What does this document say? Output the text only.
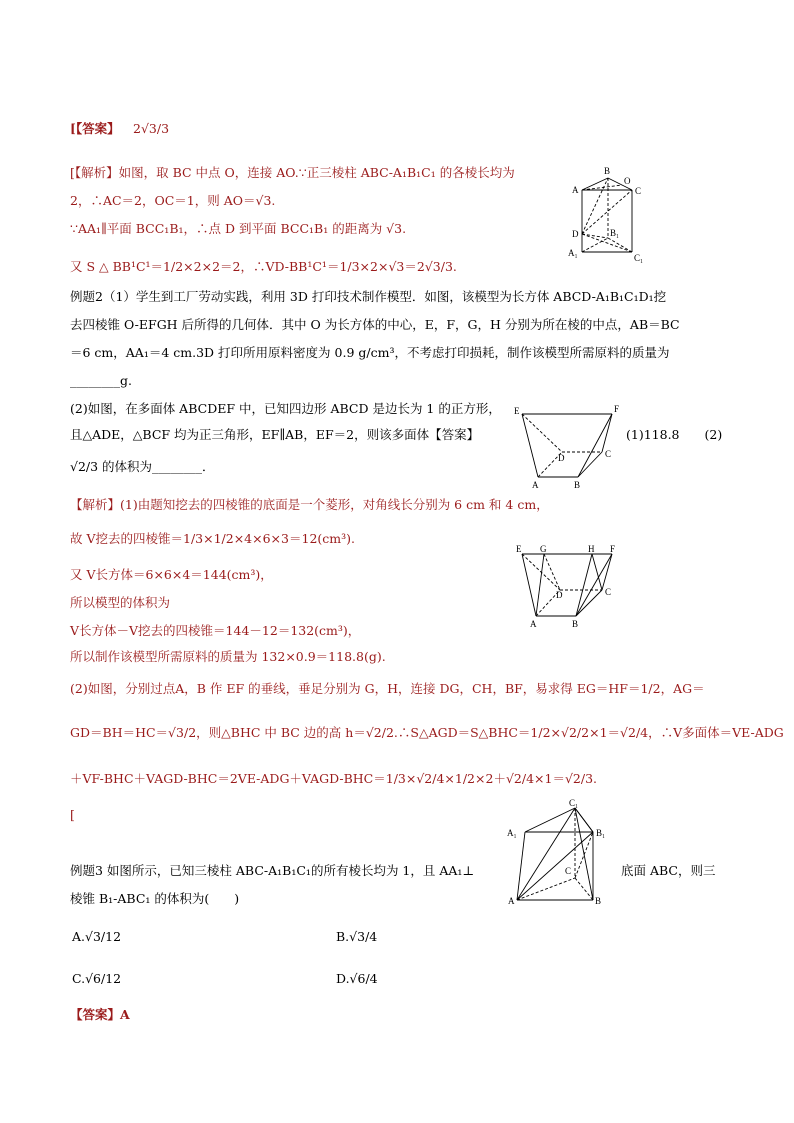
[【答案】 2√3/3
[【解析】如图，取 BC 中点 O，连接 AO.∵正三棱柱 ABC-A₁B₁C₁ 的各棱长均为
2，∴AC＝2，OC＝1，则 AO＝√3.
∵AA₁∥平面 BCC₁B₁，∴点 D 到平面 BCC₁B₁ 的距离为 √3.
又 S △ BB¹C¹＝1/2×2×2＝2，∴VD-BB¹C¹＝1/3×2×√3＝2√3/3.
B
O
A	C
D	B₁
A₁	C₁
例题2（1）学生到工厂劳动实践，利用 3D 打印技术制作模型．如图，该模型为长方体 ABCD-A₁B₁C₁D₁挖
去四棱锥 O-EFGH 后所得的几何体．其中 O 为长方体的中心，E，F，G，H 分别为所在棱的中点，AB＝BC
＝6 cm，AA₁＝4 cm.3D 打印所用原料密度为 0.9 g/cm³，不考虑打印损耗，制作该模型所需原料的质量为
________g.
(2)如图，在多面体 ABCDEF 中，已知四边形 ABCD 是边长为 1 的正方形，
且△ADE，△BCF 均为正三角形，EF∥AB，EF＝2，则该多面体【答案】	(1)118.8　　(2)
√2/3 的体积为________．
E	F
D	C
A	B
【解析】(1)由题知挖去的四棱锥的底面是一个菱形，对角线长分别为 6 cm 和 4 cm，
故 V挖去的四棱锥＝1/3×1/2×4×6×3＝12(cm³).
又 V长方体＝6×6×4＝144(cm³)，
所以模型的体积为
V长方体－V挖去的四棱锥＝144－12＝132(cm³)，
所以制作该模型所需原料的质量为 132×0.9＝118.8(g).
E G	H F
D	C
A	B
(2)如图，分别过点A，B 作 EF 的垂线，垂足分别为 G，H，连接 DG，CH，BF，易求得 EG＝HF＝1/2，AG＝
GD＝BH＝HC＝√3/2，则△BHC 中 BC 边的高 h＝√2/2.∴S△AGD＝S△BHC＝1/2×√2/2×1＝√2/4，∴V多面体＝VE-ADG
＋VF-BHC＋VAGD-BHC＝2VE-ADG＋VAGD-BHC＝1/3×√2/4×1/2×2＋√2/4×1＝√2/3.
[
C₁
A₁	B₁
C
A	B
例题3 如图所示，已知三棱柱 ABC-A₁B₁C₁的所有棱长均为 1，且 AA₁⊥	底面 ABC，则三
棱锥 B₁-ABC₁ 的体积为(　　)
A.√3/12	B.√3/4
C.√6/12	D.√6/4
【答案】A
